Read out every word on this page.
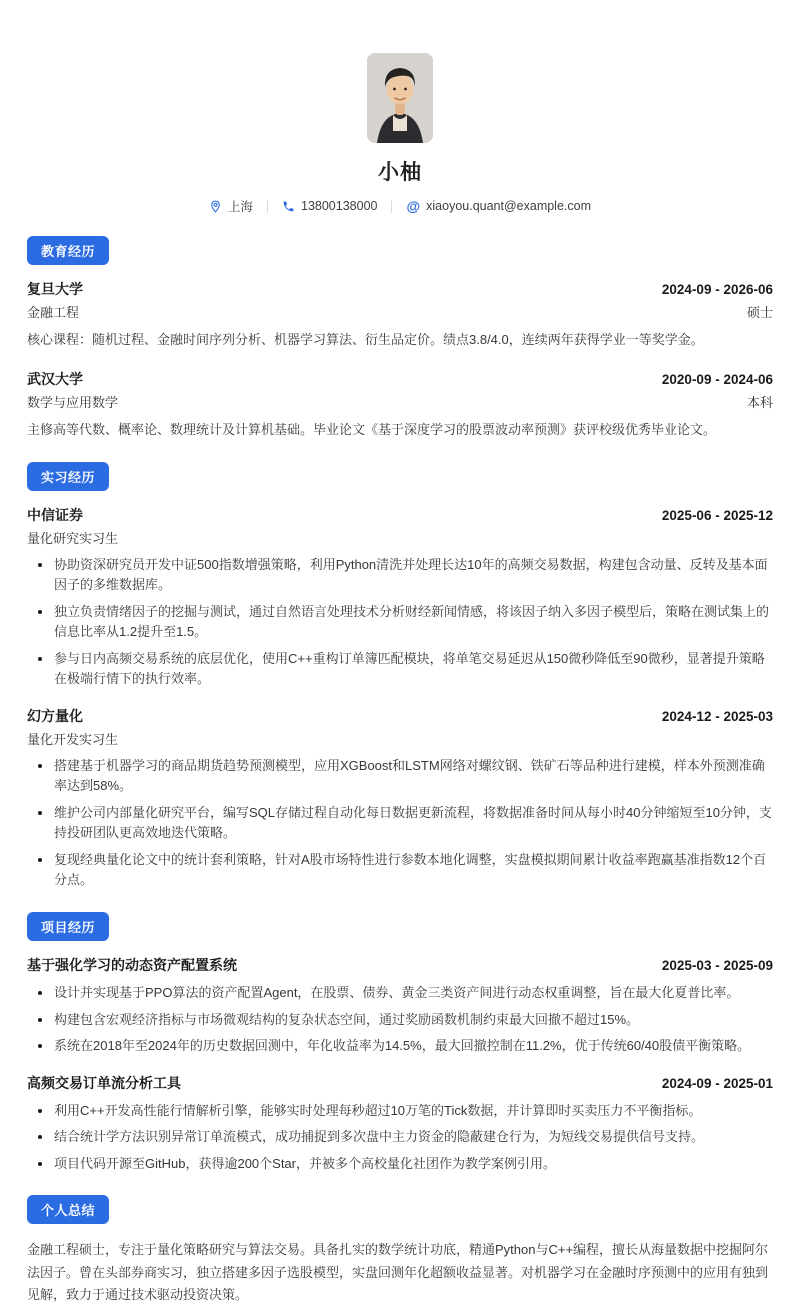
小柚
上海	13800138000 @ xiaoyou.quant@example.com
教育经历
复旦大学	2024-09 - 2026-06
金融工程	硕士
核心课程：随机过程、金融时间序列分析、机器学习算法、衍生品定价。绩点3.8/4.0，连续两年获得学业一等奖学金。
武汉大学	2020-09 - 2024-06
数学与应用数学	本科
主修高等代数、概率论、数理统计及计算机基础。毕业论文《基于深度学习的股票波动率预测》获评校级优秀毕业论文。
实习经历
中信证券	2025-06 - 2025-12
量化研究实习生
协助资深研究员开发中证500指数增强策略，利用Python清洗并处理长达10年的高频交易数据，构建包含动量、反转及基本面因子的多维数据库。
独立负责情绪因子的挖掘与测试，通过自然语言处理技术分析财经新闻情感，将该因子纳入多因子模型后，策略在测试集上的信息比率从1.2提升至1.5。
参与日内高频交易系统的底层优化，使用C++重构订单簿匹配模块，将单笔交易延迟从150微秒降低至90微秒，显著提升策略在极端行情下的执行效率。
幻方量化	2024-12 - 2025-03
量化开发实习生
搭建基于机器学习的商品期货趋势预测模型，应用XGBoost和LSTM网络对螺纹钢、铁矿石等品种进行建模，样本外预测准确率达到58%。
维护公司内部量化研究平台，编写SQL存储过程自动化每日数据更新流程，将数据准备时间从每小时40分钟缩短至10分钟，支持投研团队更高效地迭代策略。
复现经典量化论文中的统计套利策略，针对A股市场特性进行参数本地化调整，实盘模拟期间累计收益率跑赢基准指数12个百分点。
项目经历
基于强化学习的动态资产配置系统	2025-03 - 2025-09
设计并实现基于PPO算法的资产配置Agent，在股票、债券、黄金三类资产间进行动态权重调整，旨在最大化夏普比率。
构建包含宏观经济指标与市场微观结构的复杂状态空间，通过奖励函数机制约束最大回撤不超过15%。
系统在2018年至2024年的历史数据回测中，年化收益率为14.5%，最大回撤控制在11.2%，优于传统60/40股债平衡策略。
高频交易订单流分析工具	2024-09 - 2025-01
利用C++开发高性能行情解析引擎，能够实时处理每秒超过10万笔的Tick数据，并计算即时买卖压力不平衡指标。
结合统计学方法识别异常订单流模式，成功捕捉到多次盘中主力资金的隐蔽建仓行为，为短线交易提供信号支持。
项目代码开源至GitHub，获得逾200个Star，并被多个高校量化社团作为教学案例引用。
个人总结
金融工程硕士，专注于量化策略研究与算法交易。具备扎实的数学统计功底，精通Python与C++编程，擅长从海量数据中挖掘阿尔法因子。曾在头部券商实习，独立搭建多因子选股模型，实盘回测年化超额收益显著。对机器学习在金融时序预测中的应用有独到见解，致力于通过技术驱动投资决策。
